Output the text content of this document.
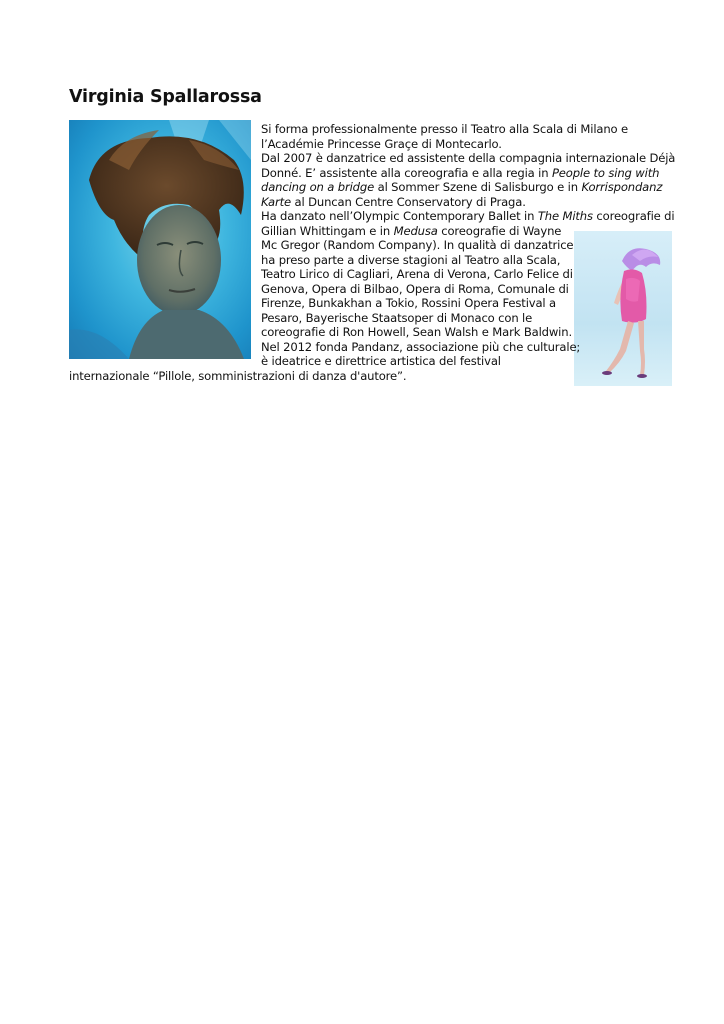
Virginia Spallarossa
Si forma professionalmente presso il Teatro alla Scala di Milano e
l’Académie Princesse Graçe di Montecarlo.
Dal 2007 è danzatrice ed assistente della compagnia internazionale Déjà
Donné. E’ assistente alla coreografia e alla regia in People to sing with
dancing on a bridge al Sommer Szene di Salisburgo e in Korrispondanz
Karte al Duncan Centre Conservatory di Praga.
Ha danzato nell’Olympic Contemporary Ballet in The Miths coreografie di
Gillian Whittingam e in Medusa coreografie di Wayne
Mc Gregor (Random Company). In qualità di danzatrice
ha preso parte a diverse stagioni al Teatro alla Scala,
Teatro Lirico di Cagliari, Arena di Verona, Carlo Felice di
Genova, Opera di Bilbao, Opera di Roma, Comunale di
Firenze, Bunkakhan a Tokio, Rossini Opera Festival a
Pesaro, Bayerische Staatsoper di Monaco con le
coreografie di Ron Howell, Sean Walsh e Mark Baldwin.
Nel 2012 fonda Pandanz, associazione più che culturale;
è ideatrice e direttrice artistica del festival
internazionale “Pillole, somministrazioni di danza d'autore”.
